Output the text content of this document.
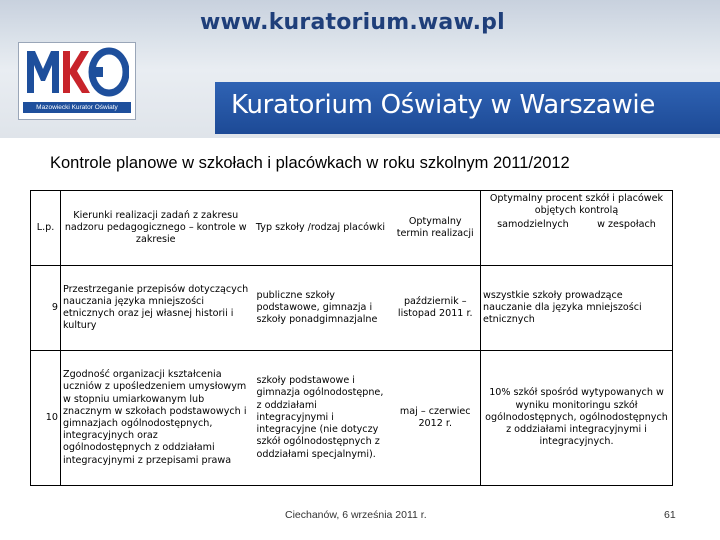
www.kuratorium.waw.pl
Mazowiecki Kurator Oświaty	Kuratorium Oświaty w Warszawie
Kontrole planowe w szkołach i placówkach w roku szkolnym 2011/2012
L.p.	Kierunki realizacji zadań z zakresu nadzoru pedagogicznego – kontrole w zakresie	Typ szkoły /rodzaj placówki	Optymalny termin realizacji	Optymalny procent szkół i placówek objętych kontrolą
samodzielnych w zespołach

9	Przestrzeganie przepisów dotyczących nauczania języka mniejszości etnicznych oraz jej własnej historii i kultury	publiczne szkoły podstawowe, gimnazja i szkoły ponadgimnazjalne	październik – listopad 2011 r.	wszystkie szkoły prowadzące nauczanie dla języka mniejszości etnicznych
10	Zgodność organizacji kształcenia uczniów z upośledzeniem umysłowym w stopniu umiarkowanym lub znacznym w szkołach podstawowych i gimnazjach ogólnodostępnych, integracyjnych oraz ogólnodostępnych z oddziałami integracyjnymi z przepisami prawa	szkoły podstawowe i gimnazja ogólnodostępne, z oddziałami integracyjnymi i integracyjne (nie dotyczy szkół ogólnodostępnych z oddziałami specjalnymi).	maj – czerwiec 2012 r.	10% szkół spośród wytypowanych w wyniku monitoringu szkół ogólnodostępnych, ogólnodostępnych z oddziałami integracyjnymi i integracyjnych.
Ciechanów, 6 września 2011 r.	61
